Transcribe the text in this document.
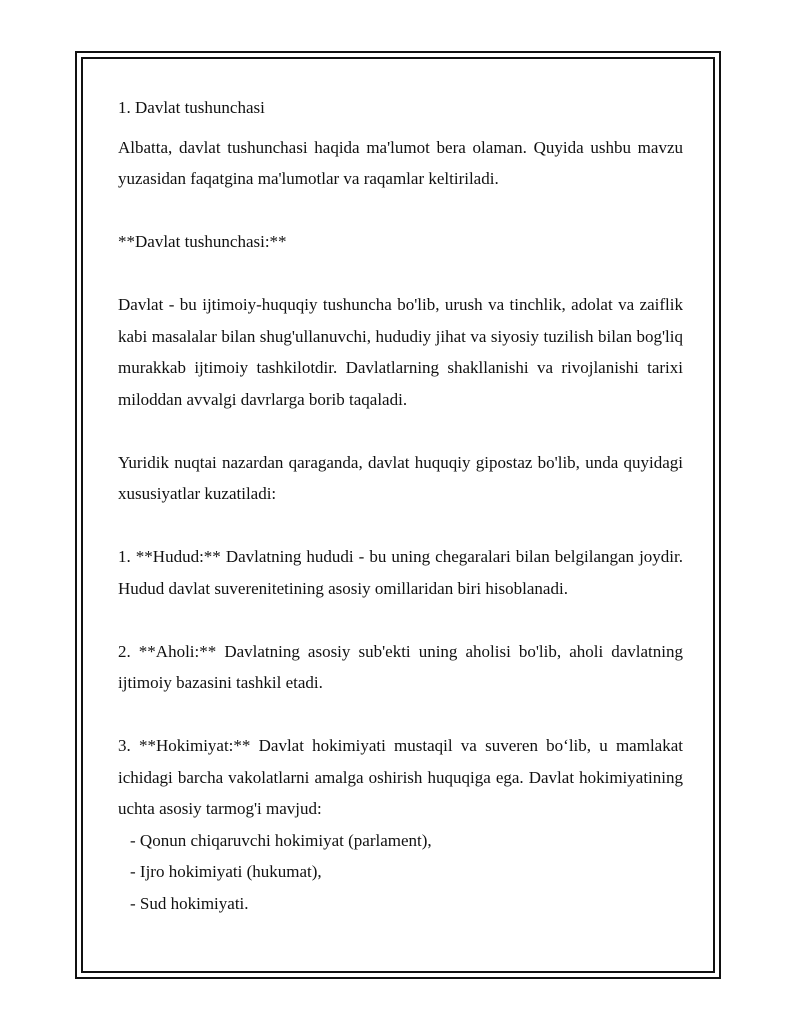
1. Davlat tushunchasi

Albatta, davlat tushunchasi haqida ma'lumot bera olaman. Quyida ushbu mavzu yuzasidan faqatgina ma'lumotlar va raqamlar keltiriladi.

**Davlat tushunchasi:**

Davlat - bu ijtimoiy-huquqiy tushuncha bo'lib, urush va tinchlik, adolat va zaiflik kabi masalalar bilan shug'ullanuvchi, hududiy jihat va siyosiy tuzilish bilan bog'liq murakkab ijtimoiy tashkilotdir. Davlatlarning shakllanishi va rivojlanishi tarixi miloddan avvalgi davrlarga borib taqaladi.

Yuridik nuqtai nazardan qaraganda, davlat huquqiy gipostaz bo'lib, unda quyidagi xususiyatlar kuzatiladi:

1. **Hudud:** Davlatning hududi - bu uning chegaralari bilan belgilangan joydir. Hudud davlat suverenitetining asosiy omillaridan biri hisoblanadi.

2. **Aholi:** Davlatning asosiy sub'ekti uning aholisi bo'lib, aholi davlatning ijtimoiy bazasini tashkil etadi.

3. **Hokimiyat:** Davlat hokimiyati mustaqil va suveren bo‘lib, u mamlakat ichidagi barcha vakolatlarni amalga oshirish huquqiga ega. Davlat hokimiyatining uchta asosiy tarmog'i mavjud:

- Qonun chiqaruvchi hokimiyat (parlament),

- Ijro hokimiyati (hukumat),

- Sud hokimiyati.
